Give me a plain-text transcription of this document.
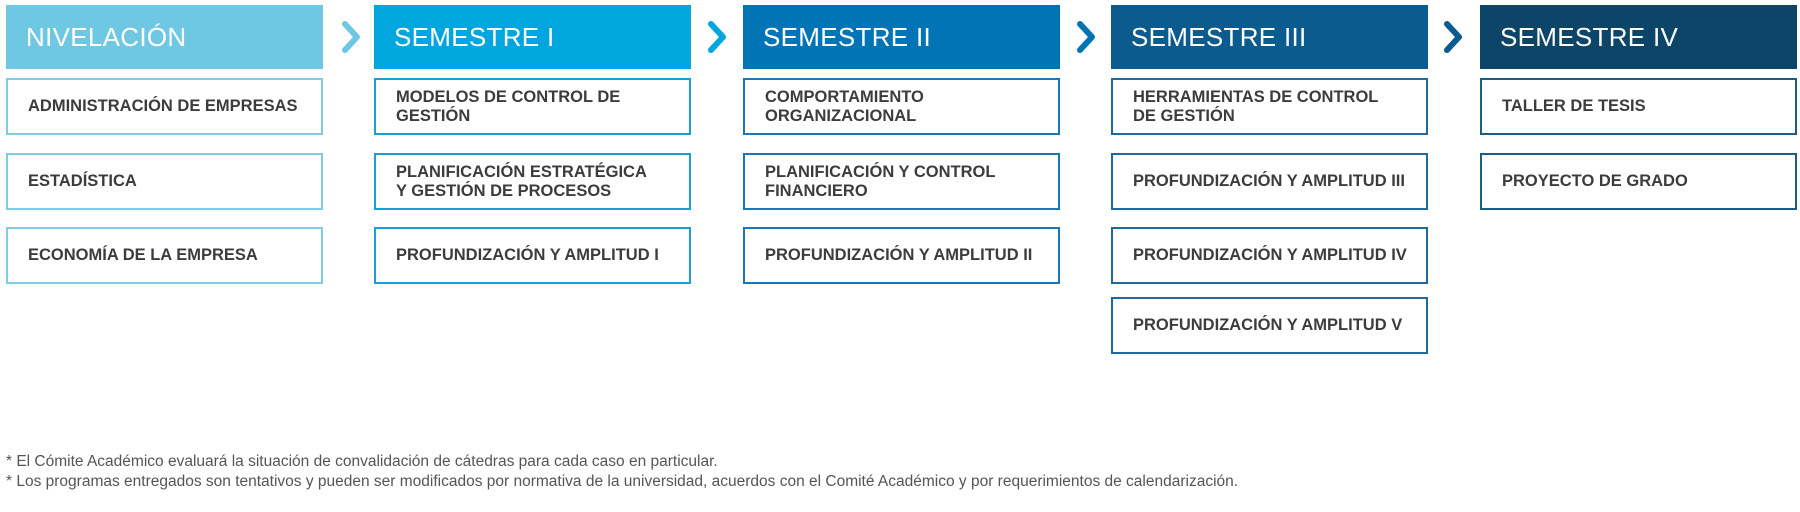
NIVELACIÓN
ADMINISTRACIÓN DE EMPRESAS
ESTADÍSTICA
ECONOMÍA DE LA EMPRESA
SEMESTRE I
MODELOS DE CONTROL DE GESTIÓN
PLANIFICACIÓN ESTRATÉGICA
Y GESTIÓN DE PROCESOS
PROFUNDIZACIÓN Y AMPLITUD I
SEMESTRE II
COMPORTAMIENTO
ORGANIZACIONAL
PLANIFICACIÓN Y CONTROL
FINANCIERO
PROFUNDIZACIÓN Y AMPLITUD II
SEMESTRE III
HERRAMIENTAS DE CONTROL
DE GESTIÓN
PROFUNDIZACIÓN Y AMPLITUD III
PROFUNDIZACIÓN Y AMPLITUD IV
PROFUNDIZACIÓN Y AMPLITUD V
SEMESTRE IV
TALLER DE TESIS
PROYECTO DE GRADO
* El Cómite Académico evaluará la situación de convalidación de cátedras para cada caso en particular.
* Los programas entregados son tentativos y pueden ser modificados por normativa de la universidad, acuerdos con el Comité Académico y por requerimientos de calendarización.
